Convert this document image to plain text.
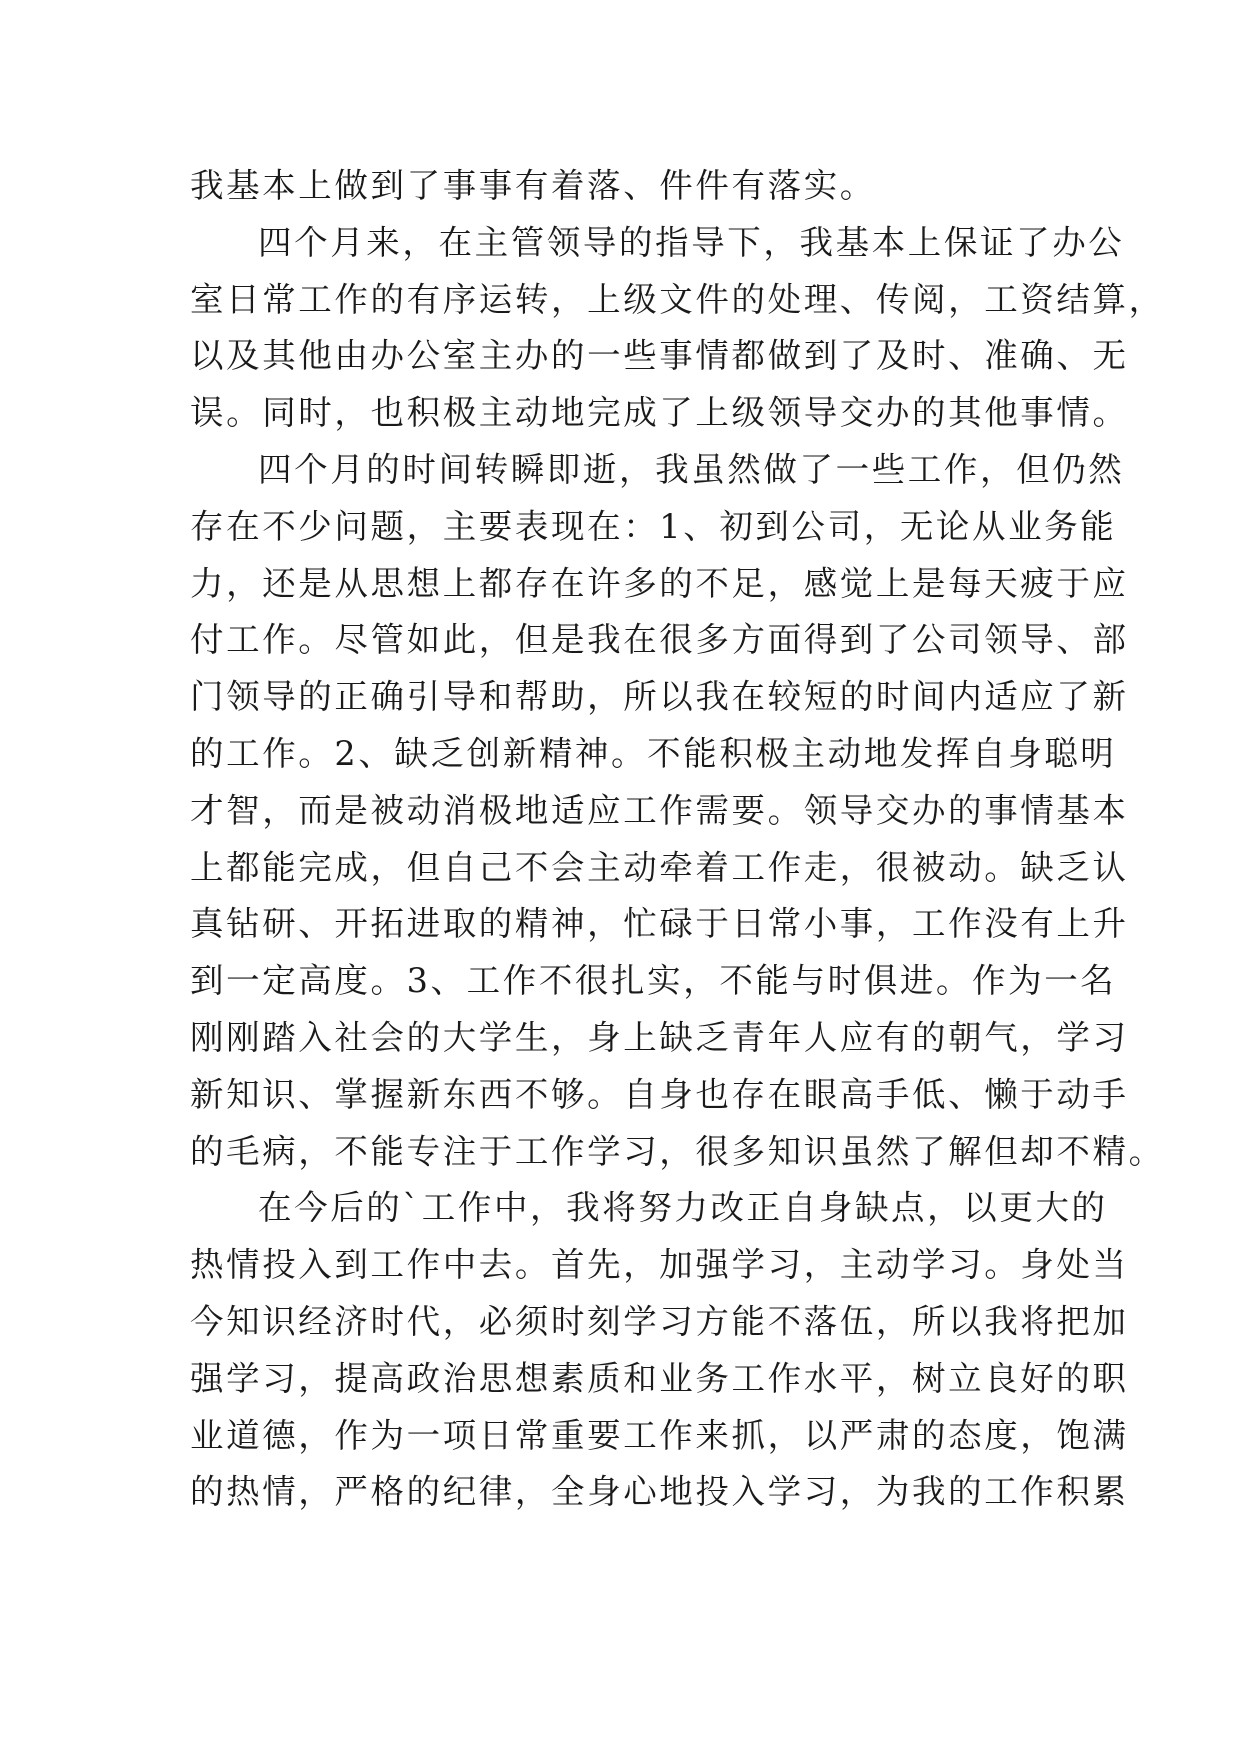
我基本上做到了事事有着落、件件有落实。
四个月来，在主管领导的指导下，我基本上保证了办公
室日常工作的有序运转，上级文件的处理、传阅，工资结算，
以及其他由办公室主办的一些事情都做到了及时、准确、无
误。同时，也积极主动地完成了上级领导交办的其他事情。
四个月的时间转瞬即逝，我虽然做了一些工作，但仍然
存在不少问题，主要表现在：1、初到公司，无论从业务能
力，还是从思想上都存在许多的不足，感觉上是每天疲于应
付工作。尽管如此，但是我在很多方面得到了公司领导、部
门领导的正确引导和帮助，所以我在较短的时间内适应了新
的工作。2、缺乏创新精神。不能积极主动地发挥自身聪明
才智，而是被动消极地适应工作需要。领导交办的事情基本
上都能完成，但自己不会主动牵着工作走，很被动。缺乏认
真钻研、开拓进取的精神，忙碌于日常小事，工作没有上升
到一定高度。3、工作不很扎实，不能与时俱进。作为一名
刚刚踏入社会的大学生，身上缺乏青年人应有的朝气，学习
新知识、掌握新东西不够。自身也存在眼高手低、懒于动手
的毛病，不能专注于工作学习，很多知识虽然了解但却不精。
在今后的`工作中，我将努力改正自身缺点，以更大的
热情投入到工作中去。首先，加强学习，主动学习。身处当
今知识经济时代，必须时刻学习方能不落伍，所以我将把加
强学习，提高政治思想素质和业务工作水平，树立良好的职
业道德，作为一项日常重要工作来抓，以严肃的态度，饱满
的热情，严格的纪律，全身心地投入学习，为我的工作积累
